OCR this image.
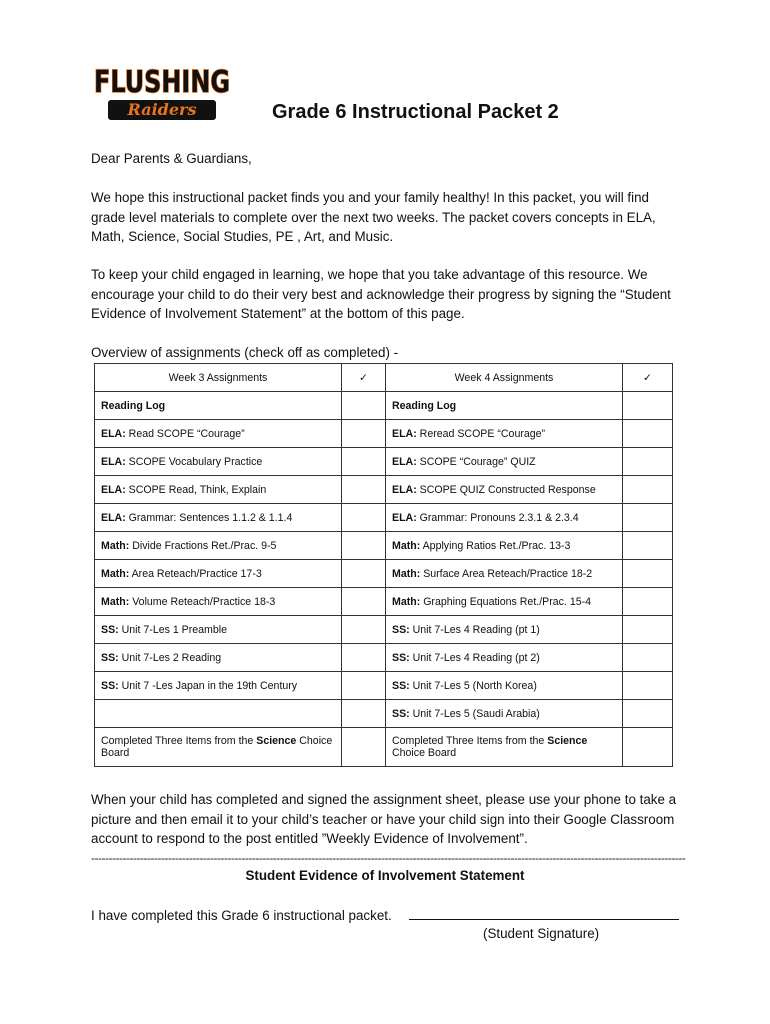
FLUSHING
Raiders	Grade 6 Instructional Packet 2

Dear Parents & Guardians,

We hope this instructional packet finds you and your family healthy! In this packet, you will find grade level materials to complete over the next two weeks. The packet covers concepts in ELA, Math, Science, Social Studies, PE , Art, and Music.

To keep your child engaged in learning, we hope that you take advantage of this resource. We encourage your child to do their very best and acknowledge their progress by signing the “Student Evidence of Involvement Statement” at the bottom of this page.

Overview of assignments (check off as completed) -

Week 3 Assignments	✓	Week 4 Assignments	✓
Reading Log		Reading Log	
ELA: Read SCOPE “Courage”		ELA: Reread SCOPE “Courage”	
ELA: SCOPE Vocabulary Practice		ELA: SCOPE “Courage” QUIZ	
ELA: SCOPE Read, Think, Explain		ELA: SCOPE QUIZ Constructed Response	
ELA: Grammar: Sentences 1.1.2 & 1.1.4		ELA: Grammar: Pronouns 2.3.1 & 2.3.4	
Math: Divide Fractions Ret./Prac. 9-5		Math: Applying Ratios Ret./Prac. 13-3	
Math: Area Reteach/Practice 17-3		Math: Surface Area Reteach/Practice 18-2	
Math: Volume Reteach/Practice 18-3		Math: Graphing Equations Ret./Prac. 15-4	
SS: Unit 7-Les 1 Preamble		SS: Unit 7-Les 4 Reading (pt 1)	
SS: Unit 7-Les 2 Reading		SS: Unit 7-Les 4 Reading (pt 2)	
SS: Unit 7 -Les Japan in the 19th Century		SS: Unit 7-Les 5 (North Korea)	
		SS: Unit 7-Les 5 (Saudi Arabia)	
Completed Three Items from the Science Choice Board		Completed Three Items from the Science Choice Board	

When your child has completed and signed the assignment sheet, please use your phone to take a picture and then email it to your child’s teacher or have your child sign into their Google Classroom account to respond to the post entitled ”Weekly Evidence of Involvement”.

--------------------------------------------------------------------------------------------------------------------------------------------------------------------------
Student Evidence of Involvement Statement

I have completed this Grade 6 instructional packet.

(Student Signature)
